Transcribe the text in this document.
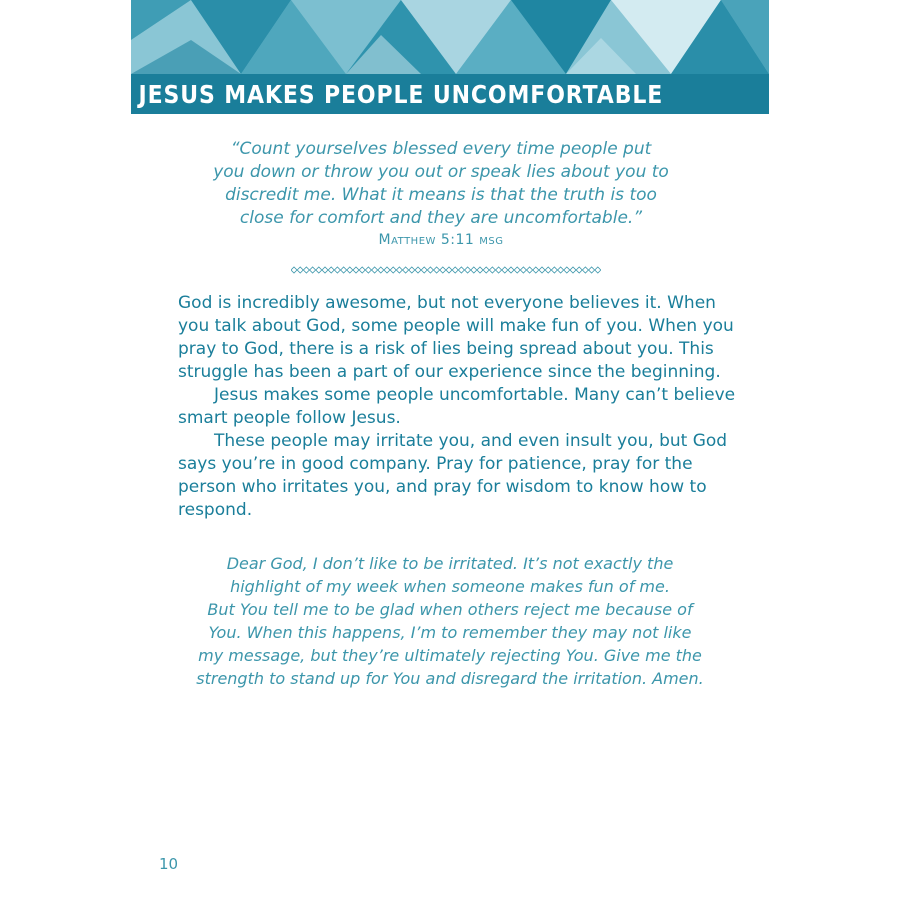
JESUS MAKES PEOPLE UNCOMFORTABLE
“Count yourselves blessed every time people put
you down or throw you out or speak lies about you to
discredit me. What it means is that the truth is too
close for comfort and they are uncomfortable.”
Matthew 5:11 msg
God is incredibly awesome, but not everyone believes it. When
you talk about God, some people will make fun of you. When you
pray to God, there is a risk of lies being spread about you. This
struggle has been a part of our experience since the beginning.
Jesus makes some people uncomfortable. Many can’t believe
smart people follow Jesus.
These people may irritate you, and even insult you, but God
says you’re in good company. Pray for patience, pray for the
person who irritates you, and pray for wisdom to know how to
respond.
Dear God, I don’t like to be irritated. It’s not exactly the
highlight of my week when someone makes fun of me.
But You tell me to be glad when others reject me because of
You. When this happens, I’m to remember they may not like
my message, but they’re ultimately rejecting You. Give me the
strength to stand up for You and disregard the irritation. Amen.
10
